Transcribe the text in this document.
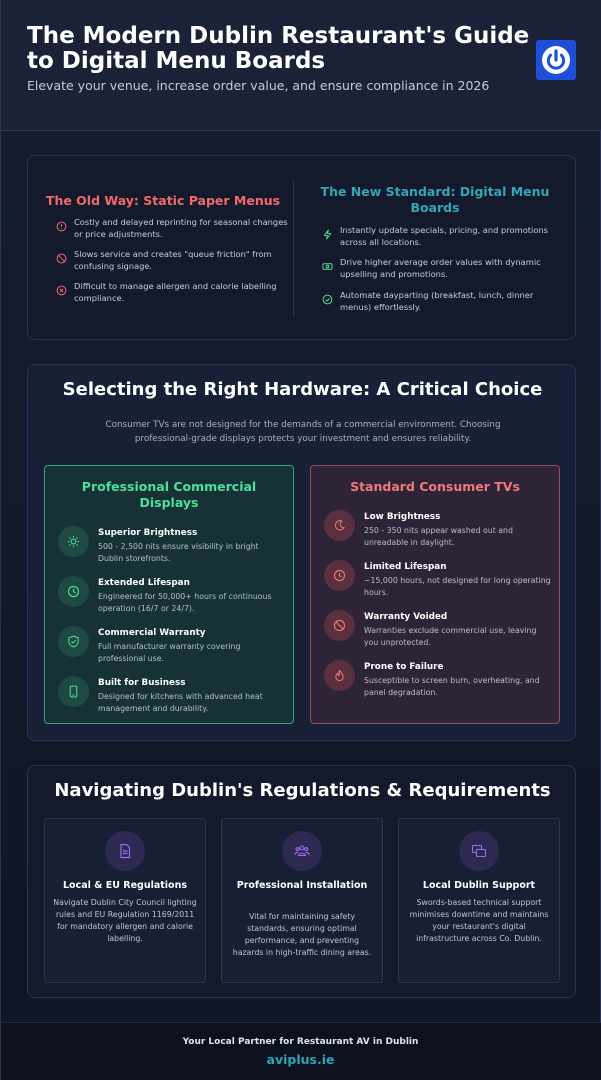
The Modern Dublin Restaurant's Guide to Digital Menu Boards
Elevate your venue, increase order value, and ensure compliance in 2026
The Old Way: Static Paper Menus
The New Standard: Digital Menu Boards
Costly and delayed reprinting for seasonal changes or price adjustments.
Slows service and creates "queue friction" from confusing signage.
Difficult to manage allergen and calorie labelling compliance.
Instantly update specials, pricing, and promotions across all locations.
Drive higher average order values with dynamic upselling and promotions.
Automate dayparting (breakfast, lunch, dinner menus) effortlessly.
Selecting the Right Hardware: A Critical Choice
Consumer TVs are not designed for the demands of a commercial environment. Choosing professional-grade displays protects your investment and ensures reliability.
Professional Commercial Displays
Superior Brightness
500 - 2,500 nits ensure visibility in bright Dublin storefronts.
Extended Lifespan
Engineered for 50,000+ hours of continuous operation (16/7 or 24/7).
Commercial Warranty
Full manufacturer warranty covering professional use.
Built for Business
Designed for kitchens with advanced heat management and durability.
Standard Consumer TVs
Low Brightness
250 - 350 nits appear washed out and unreadable in daylight.
Limited Lifespan
~15,000 hours, not designed for long operating hours.
Warranty Voided
Warranties exclude commercial use, leaving you unprotected.
Prone to Failure
Susceptible to screen burn, overheating, and panel degradation.
Navigating Dublin's Regulations & Requirements
Local & EU Regulations
Navigate Dublin City Council lighting rules and EU Regulation 1169/2011 for mandatory allergen and calorie labelling.
Professional Installation
Vital for maintaining safety standards, ensuring optimal performance, and preventing hazards in high-traffic dining areas.
Local Dublin Support
Swords-based technical support minimises downtime and maintains your restaurant's digital infrastructure across Co. Dublin.
Your Local Partner for Restaurant AV in Dublin
aviplus.ie
